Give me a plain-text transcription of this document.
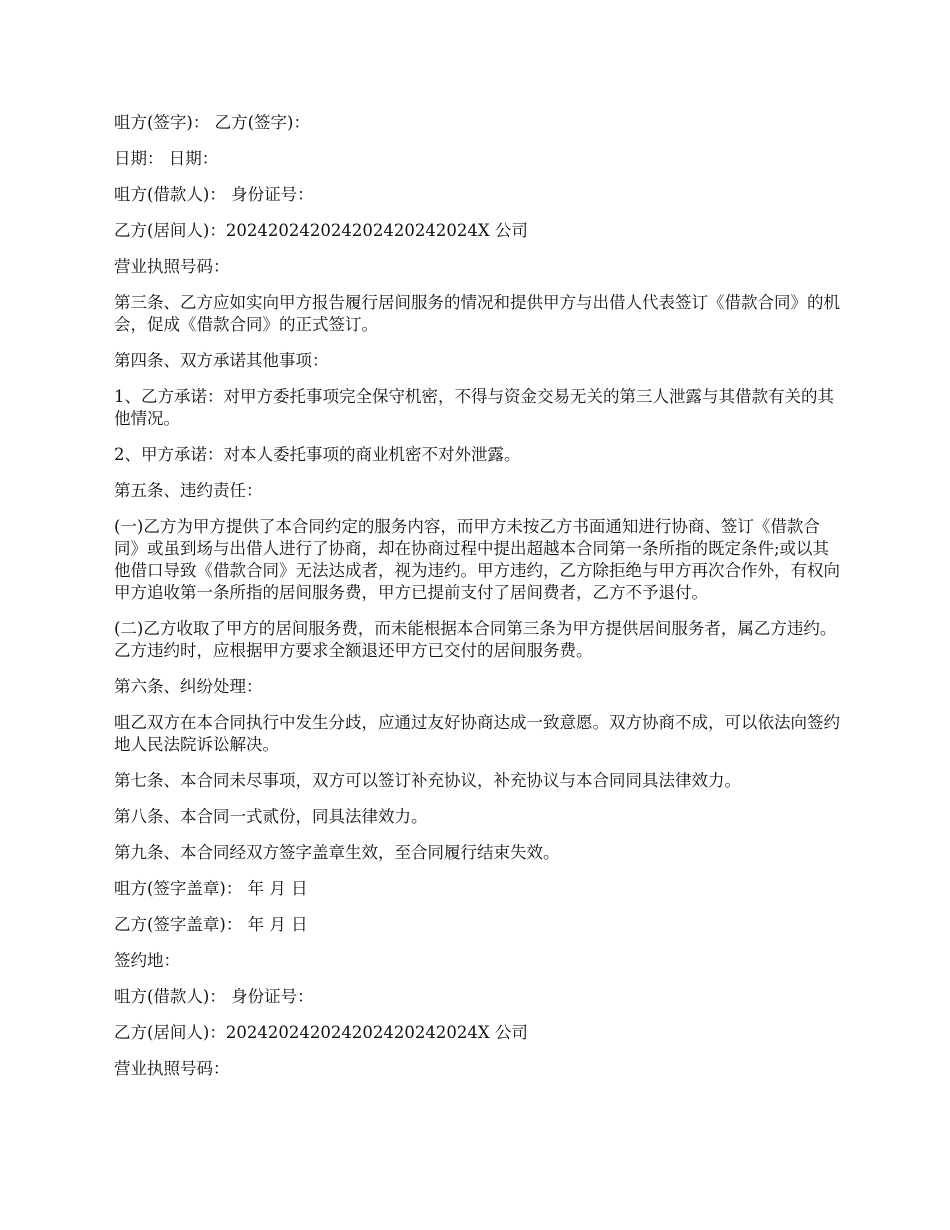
咀方(签字)： 乙方(签字)：

日期： 日期：

咀方(借款人)： 身份证号：

乙方(居间人)：202420242024202420242024X 公司

营业执照号码：

第三条、乙方应如实向甲方报告履行居间服务的情况和提供甲方与出借人代表签订《借款合同》的机会，促成《借款合同》的正式签订。

第四条、双方承诺其他事项：

1、乙方承诺：对甲方委托事项完全保守机密，不得与资金交易无关的第三人泄露与其借款有关的其他情况。

2、甲方承诺：对本人委托事项的商业机密不对外泄露。

第五条、违约责任：

(一)乙方为甲方提供了本合同约定的服务内容，而甲方未按乙方书面通知进行协商、签订《借款合同》或虽到场与出借人进行了协商，却在协商过程中提出超越本合同第一条所指的既定条件;或以其他借口导致《借款合同》无法达成者，视为违约。甲方违约，乙方除拒绝与甲方再次合作外，有权向甲方追收第一条所指的居间服务费，甲方已提前支付了居间费者，乙方不予退付。

(二)乙方收取了甲方的居间服务费，而未能根据本合同第三条为甲方提供居间服务者，属乙方违约。乙方违约时，应根据甲方要求全额退还甲方已交付的居间服务费。

第六条、纠纷处理：

咀乙双方在本合同执行中发生分歧，应通过友好协商达成一致意愿。双方协商不成，可以依法向签约地人民法院诉讼解决。

第七条、本合同未尽事项，双方可以签订补充协议，补充协议与本合同同具法律效力。

第八条、本合同一式贰份，同具法律效力。

第九条、本合同经双方签字盖章生效，至合同履行结束失效。

咀方(签字盖章)： 年 月 日

乙方(签字盖章)： 年 月 日

签约地：

咀方(借款人)： 身份证号：

乙方(居间人)：202420242024202420242024X 公司

营业执照号码：
